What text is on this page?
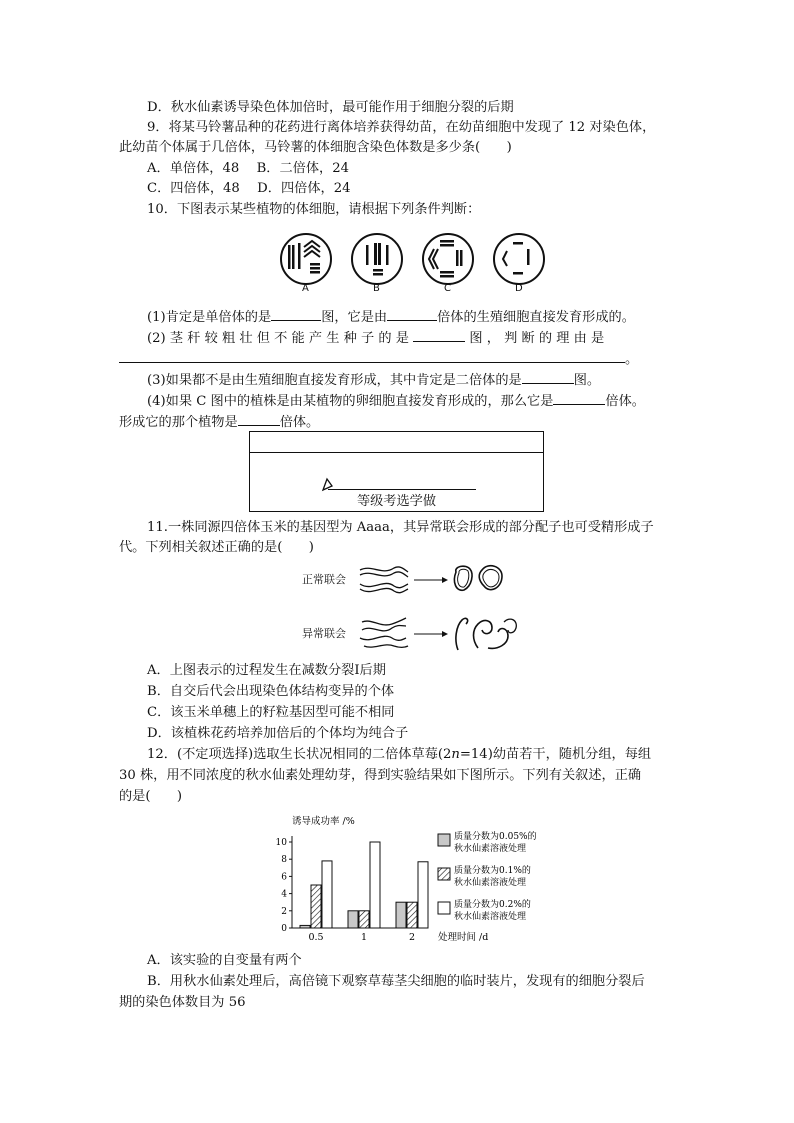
D．秋水仙素诱导染色体加倍时，最可能作用于细胞分裂的后期
9．将某马铃薯品种的花药进行离体培养获得幼苗，在幼苗细胞中发现了 12 对染色体，
此幼苗个体属于几倍体，马铃薯的体细胞含染色体数是多少条(　　)
A．单倍体，48　 B．二倍体，24
C．四倍体，48　 D．四倍体，24
10．下图表示某些植物的体细胞，请根据下列条件判断：
A	B	C	D
(1)肯定是单倍体的是	图，它是由	倍体的生殖细胞直接发育形成的。
(2) 茎 秆 较 粗 壮 但 不 能 产 生 种 子 的 是	图 ， 判 断 的 理 由 是
。
(3)如果都不是由生殖细胞直接发育形成，其中肯定是二倍体的是	图。
(4)如果 C 图中的植株是由某植物的卵细胞直接发育形成的，那么它是	倍体。
形成它的那个植物是	倍体。
等级考选学做
11.一株同源四倍体玉米的基因型为 Aaaa，其异常联会形成的部分配子也可受精形成子
代。下列相关叙述正确的是(　　)
正常联会
异常联会
A．上图表示的过程发生在减数分裂Ⅰ后期
B．自交后代会出现染色体结构变异的个体
C．该玉米单穗上的籽粒基因型可能不相同
D．该植株花药培养加倍后的个体均为纯合子
12．(不定项选择)选取生长状况相同的二倍体草莓(2n=14)幼苗若干，随机分组，每组
30 株，用不同浓度的秋水仙素处理幼芽，得到实验结果如下图所示。下列有关叙述，正确
的是(　　)
诱导成功率 /%
处理时间 /d
0
2
4
6
8
10
0.5	1	2
质量分数为0.05%的
秋水仙素溶液处理
质量分数为0.1%的
秋水仙素溶液处理
质量分数为0.2%的
秋水仙素溶液处理
A．该实验的自变量有两个
B．用秋水仙素处理后，高倍镜下观察草莓茎尖细胞的临时装片，发现有的细胞分裂后
期的染色体数目为 56
